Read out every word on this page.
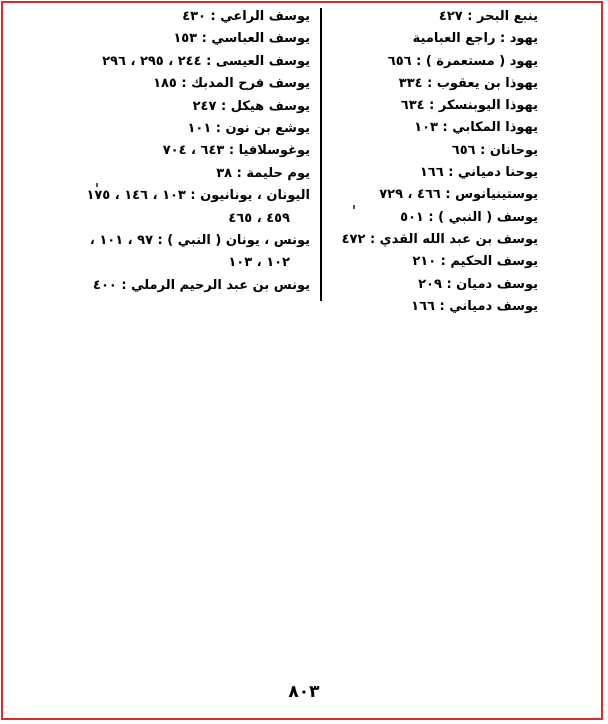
ينبع البحر : ٤٢٧
يهود : راجع العبامية
يهود ( مستعمرة ) : ٦٥٦
يهوذا بن يعقوب : ٣٣٤
يهوذا اليوبنسكر : ٦٣٤
يهوذا المكابي : ١٠٣
يوحانان : ٦٥٦
يوحنا دمياني : ١٦٦
يوستينيانوس : ٤٦٦ ، ٧٢٩
يوسف ( النبي ) : ٥٠١
يوسف بن عبد الله القدي : ٤٧٢
يوسف الحكيم : ٢١٠
يوسف دميان : ٢٠٩
يوسف دمياني : ١٦٦
يوسف الراعي : ٤٣٠
يوسف العباسي : ١٥٣
يوسف العيسى : ٢٤٤ ، ٢٩٥ ، ٢٩٦
يوسف فرح المدبك : ١٨٥
يوسف هيكل : ٢٤٧
يوشع بن نون : ١٠١
يوغوسلافيا : ٦٤٣ ، ٧٠٤
يوم حليمة : ٣٨
اليونان ، يونانيون : ١٠٣ ، ١٤٦ ، ١٧٥
٤٥٩ ، ٤٦٥
يونس ، يونان ( النبي ) : ٩٧ ، ١٠١ ،
١٠٢ ، ١٠٣
يونس بن عبد الرحيم الرملي : ٤٠٠
٨٠٣
